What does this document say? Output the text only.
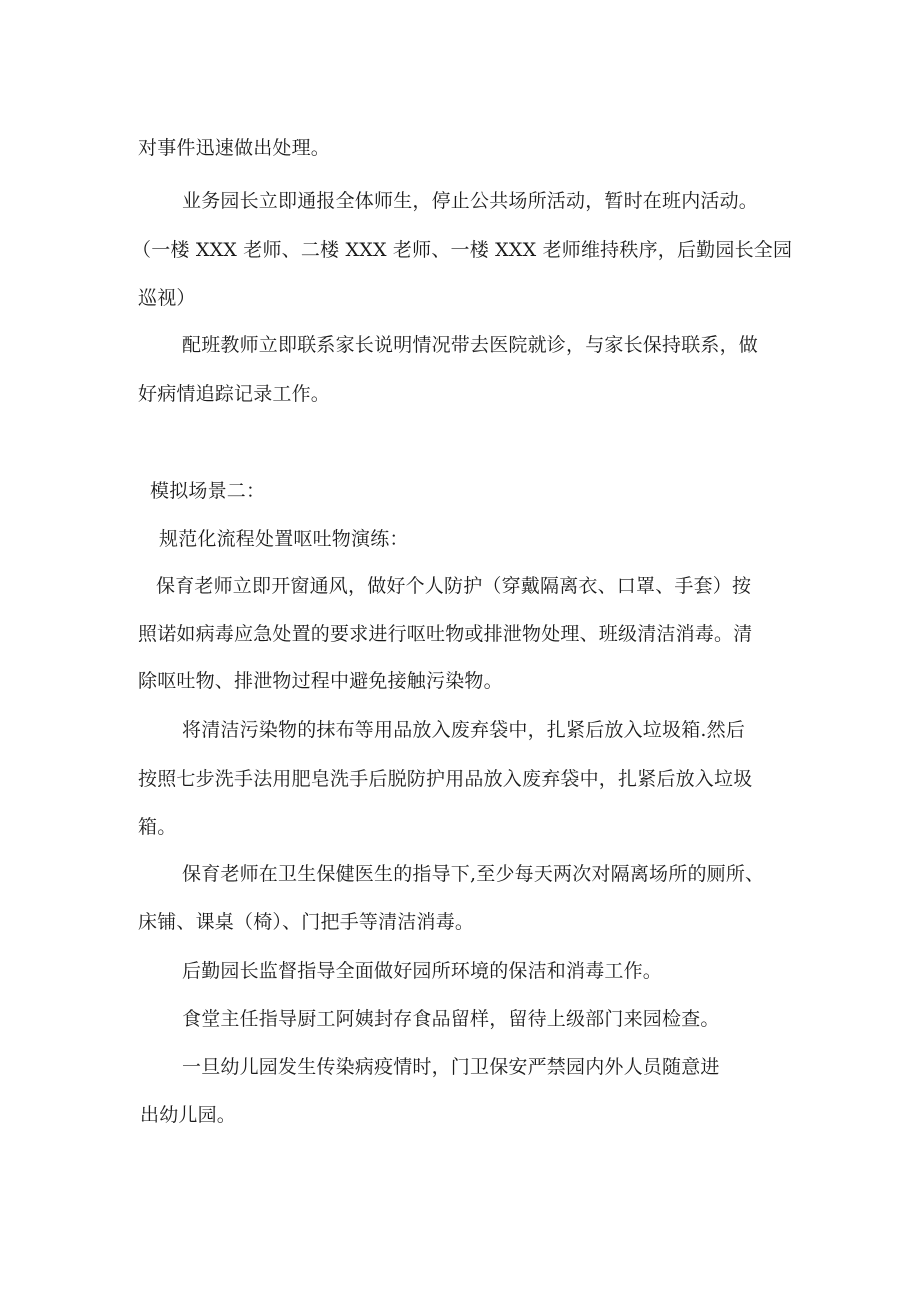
对事件迅速做出处理。

业务园长立即通报全体师生，停止公共场所活动，暂时在班内活动。

（一楼 XXX 老师、二楼 XXX 老师、一楼 XXX 老师维持秩序，后勤园长全园

巡视）

配班教师立即联系家长说明情况带去医院就诊，与家长保持联系，做

好病情追踪记录工作。

模拟场景二：

规范化流程处置呕吐物演练：

保育老师立即开窗通风，做好个人防护（穿戴隔离衣、口罩、手套）按

照诺如病毒应急处置的要求进行呕吐物或排泄物处理、班级清洁消毒。清

除呕吐物、排泄物过程中避免接触污染物。

将清洁污染物的抹布等用品放入废弃袋中，扎紧后放入垃圾箱.然后

按照七步洗手法用肥皂洗手后脱防护用品放入废弃袋中，扎紧后放入垃圾

箱。

保育老师在卫生保健医生的指导下,至少每天两次对隔离场所的厕所、

床铺、课桌（椅）、门把手等清洁消毒。

后勤园长监督指导全面做好园所环境的保洁和消毒工作。

食堂主任指导厨工阿姨封存食品留样，留待上级部门来园检查。

一旦幼儿园发生传染病疫情时，门卫保安严禁园内外人员随意进

出幼儿园。
